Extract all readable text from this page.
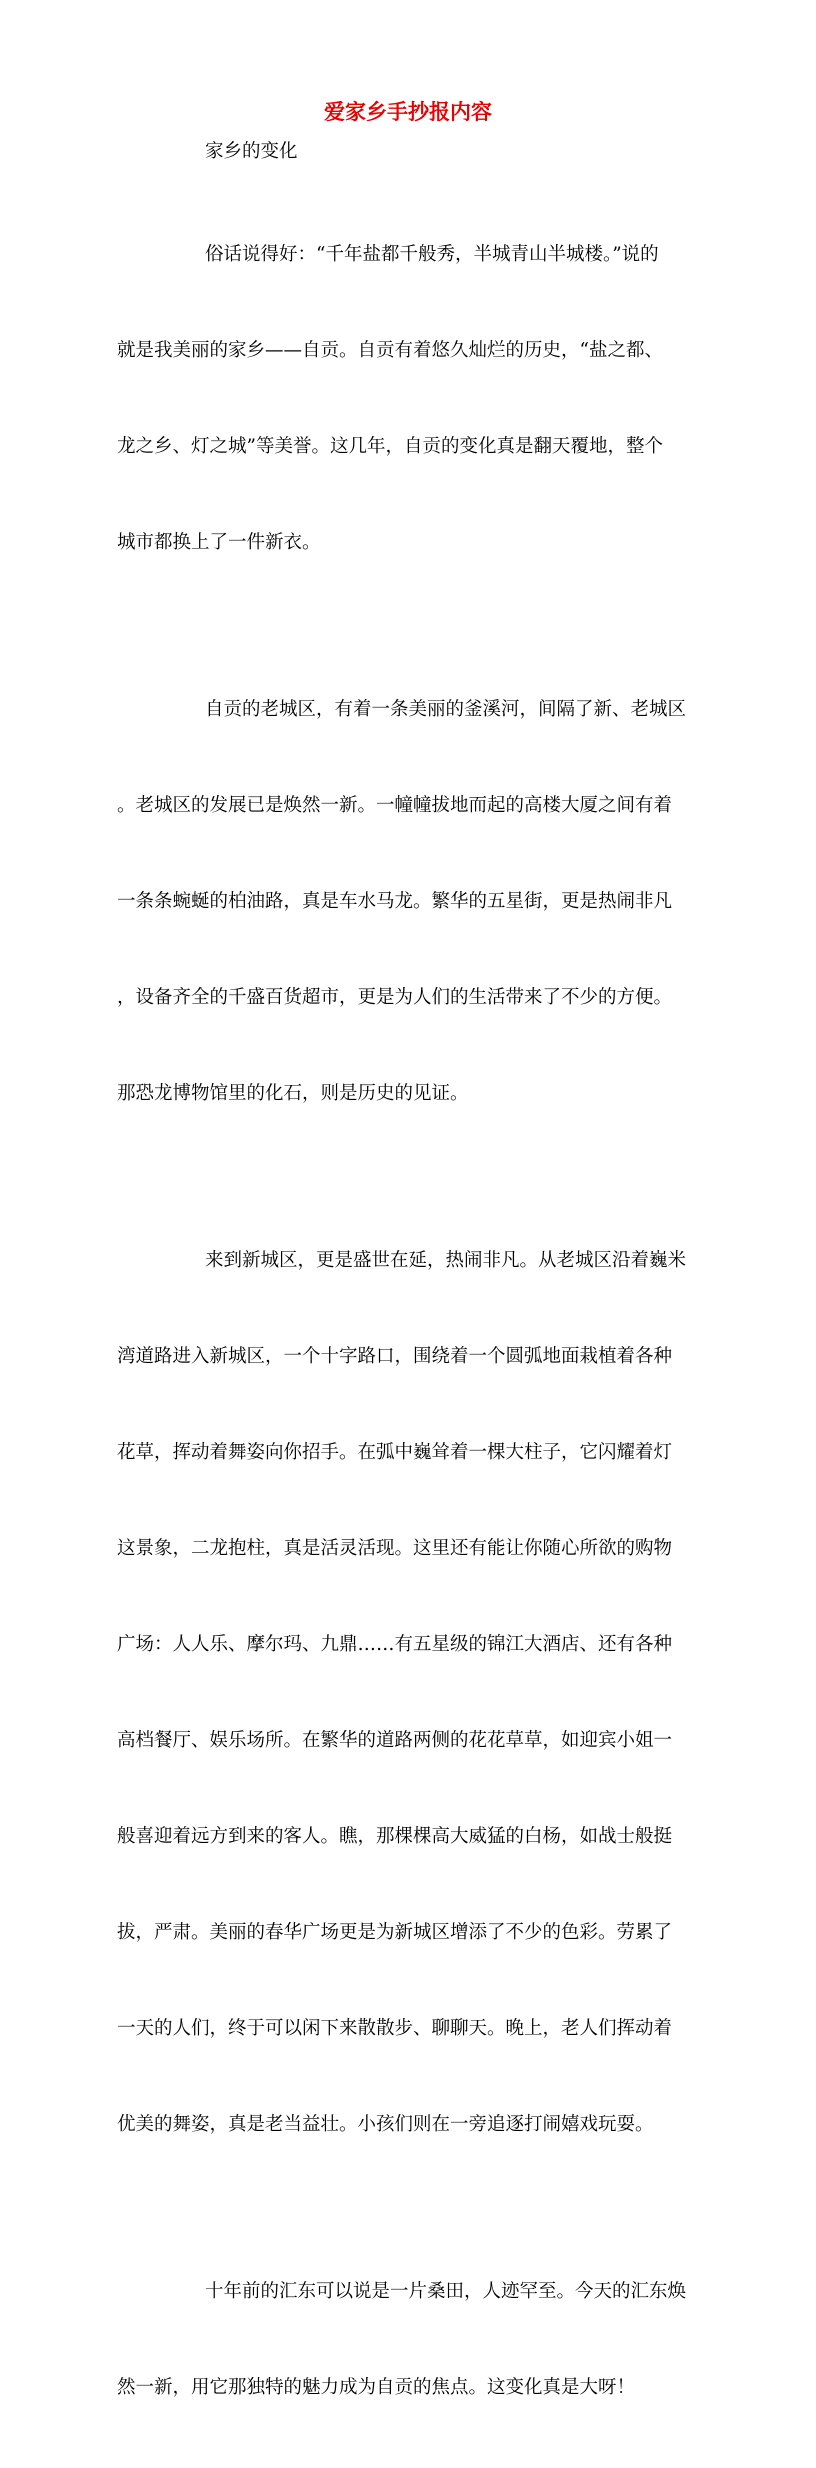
爱家乡手抄报内容
家乡的变化

俗话说得好：“千年盐都千般秀，半城青山半城楼。”说的

就是我美丽的家乡——自贡。自贡有着悠久灿烂的历史，“盐之都、

龙之乡、灯之城”等美誉。这几年，自贡的变化真是翻天覆地，整个

城市都换上了一件新衣。

自贡的老城区，有着一条美丽的釜溪河，间隔了新、老城区

。老城区的发展已是焕然一新。一幢幢拔地而起的高楼大厦之间有着

一条条蜿蜒的柏油路，真是车水马龙。繁华的五星街，更是热闹非凡

，设备齐全的千盛百货超市，更是为人们的生活带来了不少的方便。

那恐龙博物馆里的化石，则是历史的见证。

来到新城区，更是盛世在延，热闹非凡。从老城区沿着巍米

湾道路进入新城区，一个十字路口，围绕着一个圆弧地面栽植着各种

花草，挥动着舞姿向你招手。在弧中巍耸着一棵大柱子，它闪耀着灯

这景象，二龙抱柱，真是活灵活现。这里还有能让你随心所欲的购物

广场：人人乐、摩尔玛、九鼎……有五星级的锦江大酒店、还有各种

高档餐厅、娱乐场所。在繁华的道路两侧的花花草草，如迎宾小姐一

般喜迎着远方到来的客人。瞧，那棵棵高大威猛的白杨，如战士般挺

拔，严肃。美丽的春华广场更是为新城区增添了不少的色彩。劳累了

一天的人们，终于可以闲下来散散步、聊聊天。晚上，老人们挥动着

优美的舞姿，真是老当益壮。小孩们则在一旁追逐打闹嬉戏玩耍。

十年前的汇东可以说是一片桑田，人迹罕至。今天的汇东焕

然一新，用它那独特的魅力成为自贡的焦点。这变化真是大呀！
